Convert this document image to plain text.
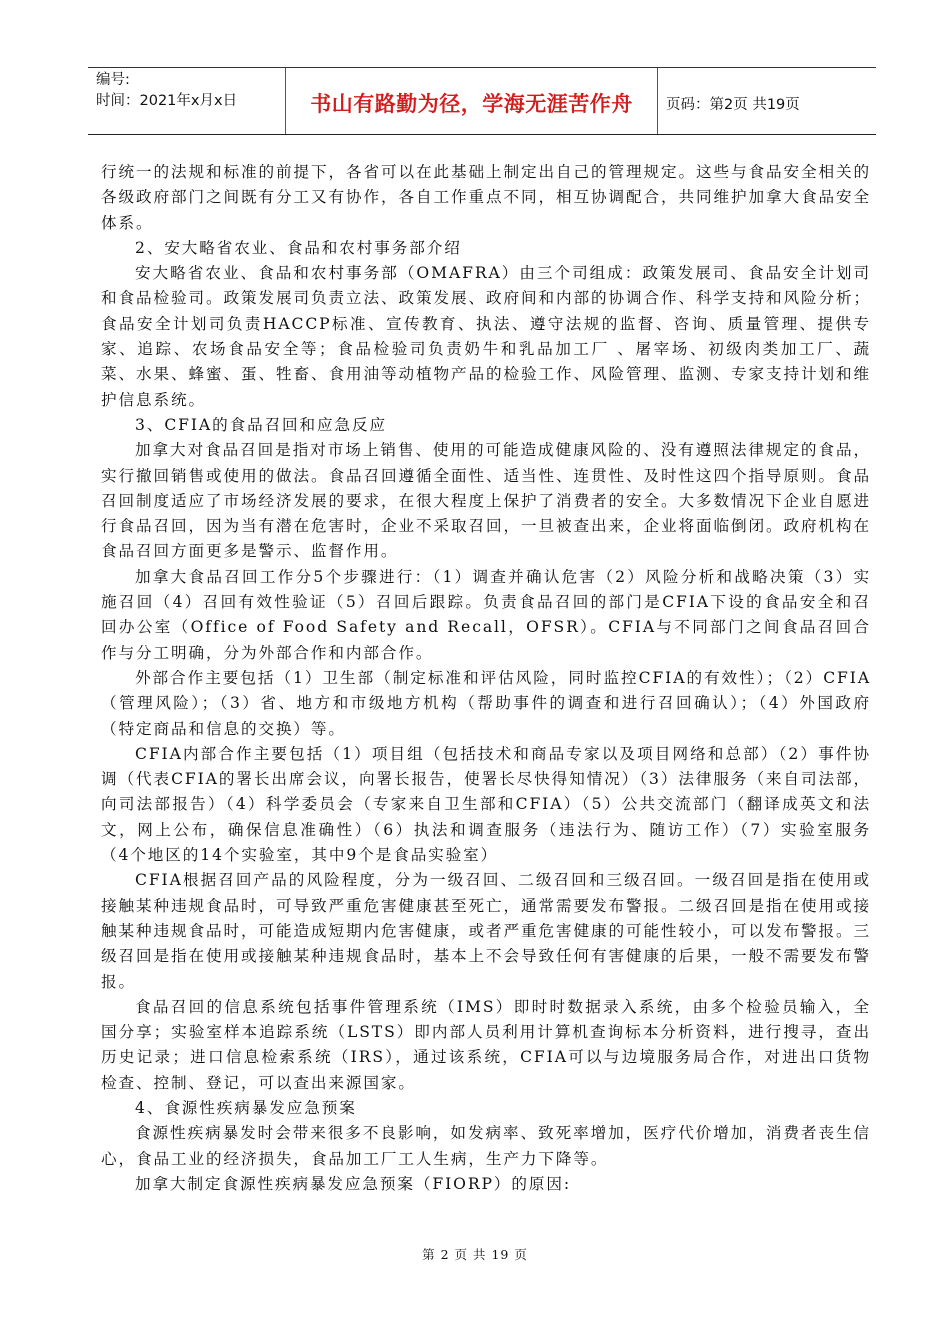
编号:
时间：2021年x月x日	书山有路勤为径，学海无涯苦作舟	页码：第2页 共19页

行统一的法规和标准的前提下，各省可以在此基础上制定出自己的管理规定。这些与食品安全相关的各级政府部门之间既有分工又有协作，各自工作重点不同，相互协调配合，共同维护加拿大食品安全体系。

2、安大略省农业、食品和农村事务部介绍

安大略省农业、食品和农村事务部（OMAFRA）由三个司组成：政策发展司、食品安全计划司和食品检验司。政策发展司负责立法、政策发展、政府间和内部的协调合作、科学支持和风险分析；食品安全计划司负责HACCP标准、宣传教育、执法、遵守法规的监督、咨询、质量管理、提供专家、追踪、农场食品安全等；食品检验司负责奶牛和乳品加工厂 、屠宰场、初级肉类加工厂、蔬菜、水果、蜂蜜、蛋、牲畜、食用油等动植物产品的检验工作、风险管理、监测、专家支持计划和维护信息系统。

3、CFIA的食品召回和应急反应

加拿大对食品召回是指对市场上销售、使用的可能造成健康风险的、没有遵照法律规定的食品，实行撤回销售或使用的做法。食品召回遵循全面性、适当性、连贯性、及时性这四个指导原则。食品召回制度适应了市场经济发展的要求，在很大程度上保护了消费者的安全。大多数情况下企业自愿进行食品召回，因为当有潜在危害时，企业不采取召回，一旦被查出来，企业将面临倒闭。政府机构在食品召回方面更多是警示、监督作用。

加拿大食品召回工作分5个步骤进行：（1）调查并确认危害（2）风险分析和战略决策（3）实施召回（4）召回有效性验证（5）召回后跟踪。负责食品召回的部门是CFIA下设的食品安全和召回办公室（Office of Food Safety and Recall，OFSR）。CFIA与不同部门之间食品召回合作与分工明确，分为外部合作和内部合作。

外部合作主要包括（1）卫生部（制定标准和评估风险，同时监控CFIA的有效性）；（2）CFIA（管理风险）；（3）省、地方和市级地方机构（帮助事件的调查和进行召回确认）；（4）外国政府（特定商品和信息的交换）等。

CFIA内部合作主要包括（1）项目组（包括技术和商品专家以及项目网络和总部）（2）事件协调（代表CFIA的署长出席会议，向署长报告，使署长尽快得知情况）（3）法律服务（来自司法部，向司法部报告）（4）科学委员会（专家来自卫生部和CFIA）（5）公共交流部门（翻译成英文和法文，网上公布，确保信息准确性）（6）执法和调查服务（违法行为、随访工作）（7）实验室服务（4个地区的14个实验室，其中9个是食品实验室）

CFIA根据召回产品的风险程度，分为一级召回、二级召回和三级召回。一级召回是指在使用或接触某种违规食品时，可导致严重危害健康甚至死亡，通常需要发布警报。二级召回是指在使用或接触某种违规食品时，可能造成短期内危害健康，或者严重危害健康的可能性较小，可以发布警报。三级召回是指在使用或接触某种违规食品时，基本上不会导致任何有害健康的后果，一般不需要发布警报。

食品召回的信息系统包括事件管理系统（IMS）即时时数据录入系统，由多个检验员输入，全国分享；实验室样本追踪系统（LSTS）即内部人员利用计算机查询标本分析资料，进行搜寻，查出历史记录；进口信息检索系统（IRS），通过该系统，CFIA可以与边境服务局合作，对进出口货物检查、控制、登记，可以查出来源国家。

4、食源性疾病暴发应急预案

食源性疾病暴发时会带来很多不良影响，如发病率、致死率增加，医疗代价增加，消费者丧生信心，食品工业的经济损失，食品加工厂工人生病，生产力下降等。

加拿大制定食源性疾病暴发应急预案（FIORP）的原因:

第 2 页 共 19 页
